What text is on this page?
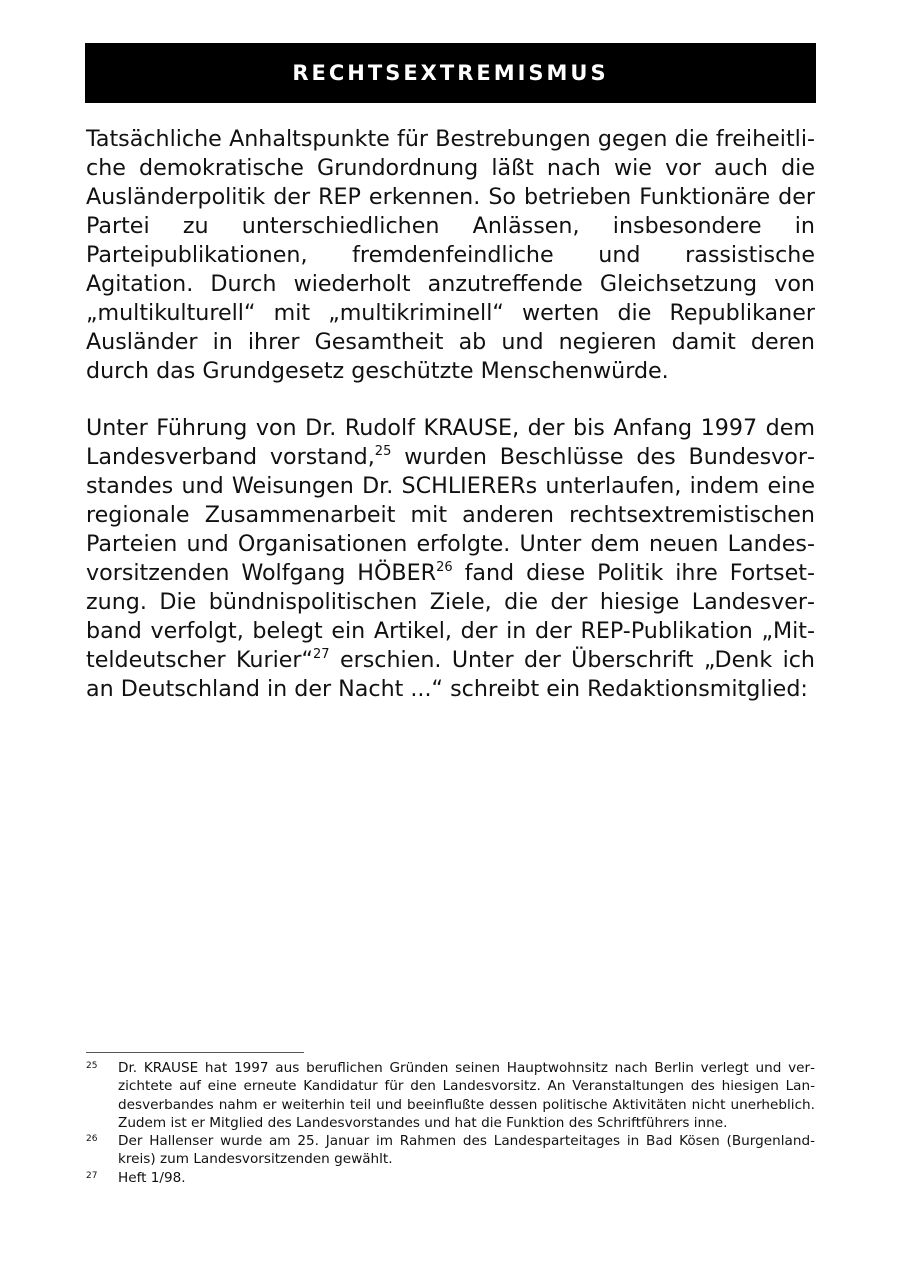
RECHTSEXTREMISMUS

Tatsächliche Anhaltspunkte für Bestrebungen gegen die freiheitliche demokratische Grundordnung läßt nach wie vor auch die Ausländerpolitik der REP erkennen. So betrieben Funktionäre der Partei zu unterschiedlichen Anlässen, insbesondere in Parteipublikationen, fremdenfeindliche und rassistische Agitation. Durch wiederholt anzutreffende Gleichsetzung von „multikulturell“ mit „multikriminell“ werten die Republikaner Ausländer in ihrer Gesamtheit ab und negieren damit deren durch das Grundgesetz geschützte Menschenwürde.

Unter Führung von Dr. Rudolf KRAUSE, der bis Anfang 1997 dem Landesverband vorstand,$^{25}$ wurden Beschlüsse des Bundesvorstandes und Weisungen Dr. SCHLIERERs unterlaufen, indem eine regionale Zusammenarbeit mit anderen rechtsextremistischen Parteien und Organisationen erfolgte. Unter dem neuen Landesvorsitzenden Wolfgang HÖBER$^{26}$ fand diese Politik ihre Fortsetzung. Die bündnispolitischen Ziele, die der hiesige Landesverband verfolgt, belegt ein Artikel, der in der REP-Publikation „Mitteldeutscher Kurier“$^{27}$ erschien. Unter der Überschrift „Denk ich an Deutschland in der Nacht ...“ schreibt ein Redaktionsmitglied:

25	Dr. KRAUSE hat 1997 aus beruflichen Gründen seinen Hauptwohnsitz nach Berlin verlegt und verzichtete auf eine erneute Kandidatur für den Landesvorsitz. An Veranstaltungen des hiesigen Landesverbandes nahm er weiterhin teil und beeinflußte dessen politische Aktivitäten nicht unerheblich. Zudem ist er Mitglied des Landesvorstandes und hat die Funktion des Schriftführers inne.
26	Der Hallenser wurde am 25. Januar im Rahmen des Landesparteitages in Bad Kösen (Burgenlandkreis) zum Landesvorsitzenden gewählt.
27	Heft 1/98.
